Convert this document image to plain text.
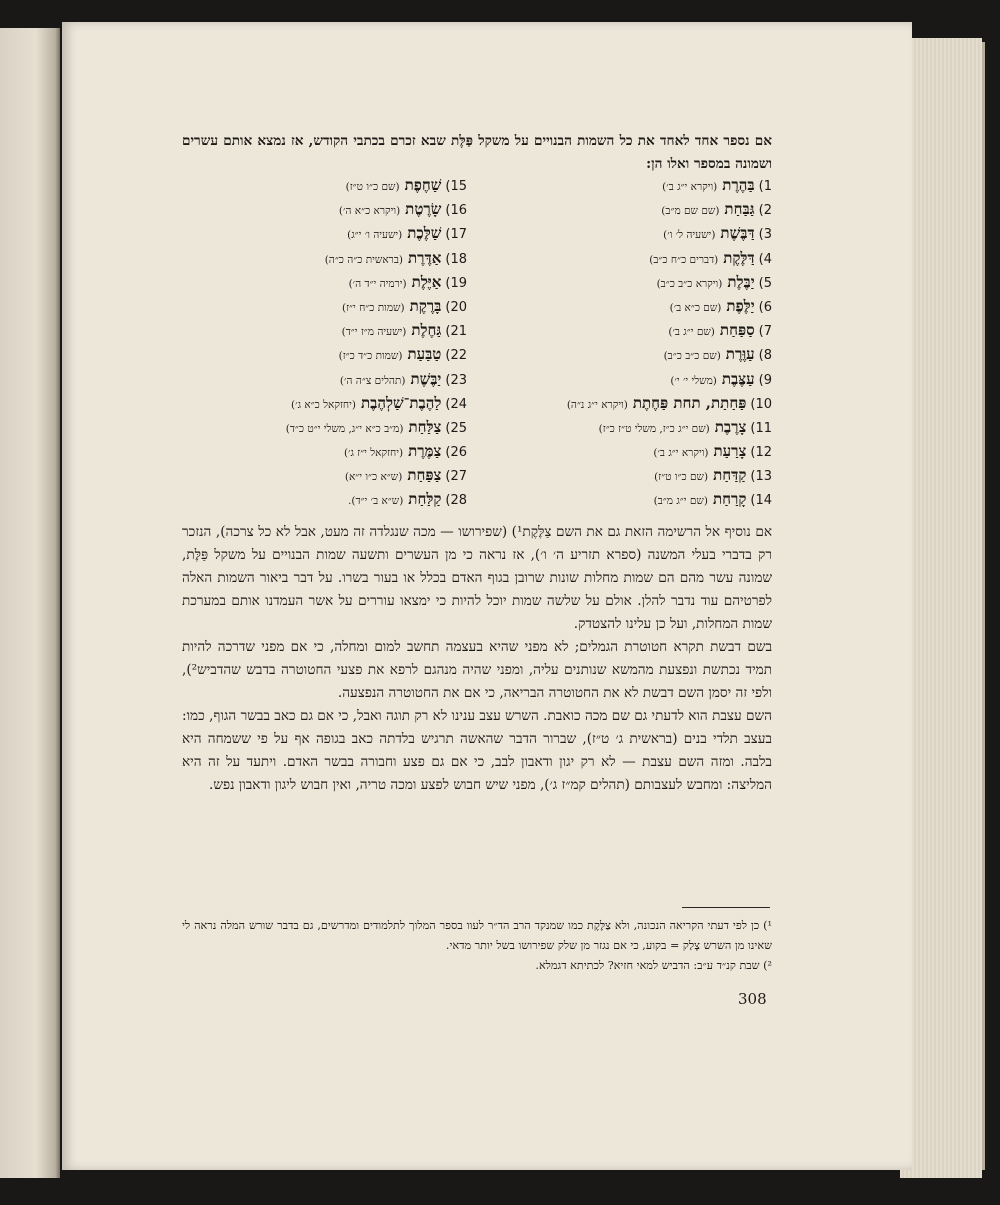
אם נספר אחד לאחד את כל השמות הבנויים על משקל פַּלֶּת שבא זכרם בכתבי הקודש, אז נמצא אותם עשרים ושמונה במספר ואלו הן:

1)
בַּהֶרֶת
(ויקרא י״ג ב׳)
15)
שַׁחֶפֶת
(שם כ״ו ט״ז)
2)
גַּבַּחַת
(שם שם מ״ב)
16)
שָׂרֶטֶת
(ויקרא כ״א ה׳)
3)
דַּבֶּשֶׁת
(ישעיה ל׳ ו׳)
17)
שַׁלֶּכֶת
(ישעיה ו׳ י״ג)
4)
דַּלֶּקֶת
(דברים כ״ח כ״ב)
18)
אַדֶּרֶת
(בראשית כ״ה כ״ה)
5)
יַבֶּלֶת
(ויקרא כ״ב כ״ב)
19)
אַיֶּלֶת
(ירמיה י״ד ה׳)
6)
יַלֶּפֶת
(שם כ״א ב׳)
20)
בָּרֶקֶת
(שמות כ״ח י״ז)
7)
סַפַּחַת
(שם י״ג ב׳)
21)
גַּחֶלֶת
(ישעיה מ״ז י״ד)
8)
עַוֶּרֶת
(שם כ״ב כ״ב)
22)
טַבַּעַת
(שמות כ״ד כ״ז)
9)
עַצֶּבֶת
(משלי י׳ י׳)
23)
יַבֶּשֶׁת
(תהלים צ״ה ה׳)
10)
פַּחַתַת, תחת פַּחֶתֶת
(ויקרא י״ג נ״ה)
24)
לַהֶבֶת־שַׁלְהֶבֶת
(יחזקאל כ״א ג׳)
11)
צָרֶבֶת
(שם י״ג כ״ז, משלי ט״ז כ״ז)
25)
צַלַּחַת
(מ״ב כ״א י״ג, משלי י״ט כ״ד)
12)
צָרַעַת
(ויקרא י״ג ב׳)
26)
צַמֶּרֶת
(יחזקאל י״ז ג׳)
13)
קַדַּחַת
(שם כ״ו ט״ז)
27)
צַפַּחַת
(ש״א כ״ו י״א)
14)
קָרַחַת
(שם י״ג מ״ב)
28)
קַלַּחַת
(ש״א ב׳ י״ד).

אם נוסיף אל הרשימה הזאת גם את השם צַלֶּקֶת¹) (שפירושו — מכה שנגלדה זה מעט, אבל לא כל צרכה), הנזכר רק בדברי בעלי המשנה (ספרא תזריע ה׳ ו׳), אז נראה כי מן העשרים ותשעה שמות הבנויים על משקל פַּלֶּת, שמונה עשר מהם הם שמות מחלות שונות שרובן בגוף האדם בכלל או בעור בשרו. על דבר ביאור השמות האלה לפרטיהם עוד נדבר להלן. אולם על שלשה שמות יוכל להיות כי ימצאו עוררים על אשר העמדנו אותם במערכת שמות המחלות, ועל כן עלינו להצטדק.

בשם דבשת תקרא חטוטרת הגמלים; לא מפני שהיא בעצמה תחשב למום ומחלה, כי אם מפני שדרכה להיות תמיד נכתשת ונפצעת מהמשא שנותנים עליה, ומפני שהיה מנהגם לרפא את פצעי החטוטרה בדבש שהדביש²), ולפי זה יסמן השם דבשת לא את החטוטרה הבריאה, כי אם את החטוטרה הנפצעה.

השם עצבת הוא לדעתי גם שם מכה כואבת. השרש עצב ענינו לא רק תוגה ואבל, כי אם גם כאב בבשר הגוף, כמו: בעצב תלדי בנים (בראשית ג׳ ט״ז), שברור הדבר שהאשה תרגיש בלדתה כאב בגופה אף על פי ששמחה היא בלבה. ומזה השם עצבת — לא רק יגון ודאבון לבב, כי אם גם פצע וחבורה בבשר האדם. ויתעד על זה היא המליצה: ומחבש לעצבותם (תהלים קמ״ז ג׳), מפני שיש חבוש לפצע ומכה טריה, ואין חבוש ליגון ודאבון נפש.

¹) כן לפי דעתי הקריאה הנכונה, ולא צַלֶּקֶת כמו שמנקד הרב הד״ר לעוו בספר המלוך לתלמודים ומדרשים, גם בדבר שורש המלה נראה לי שאינו מן השרש צָלַק = בקוע, כי אם נגזר מן שלק שפירושו בשל יותר מדאי.

²) שבת קנ״ד ע״ב: הדביש למאי חזיא? לכתיתא דגמלא.

308
